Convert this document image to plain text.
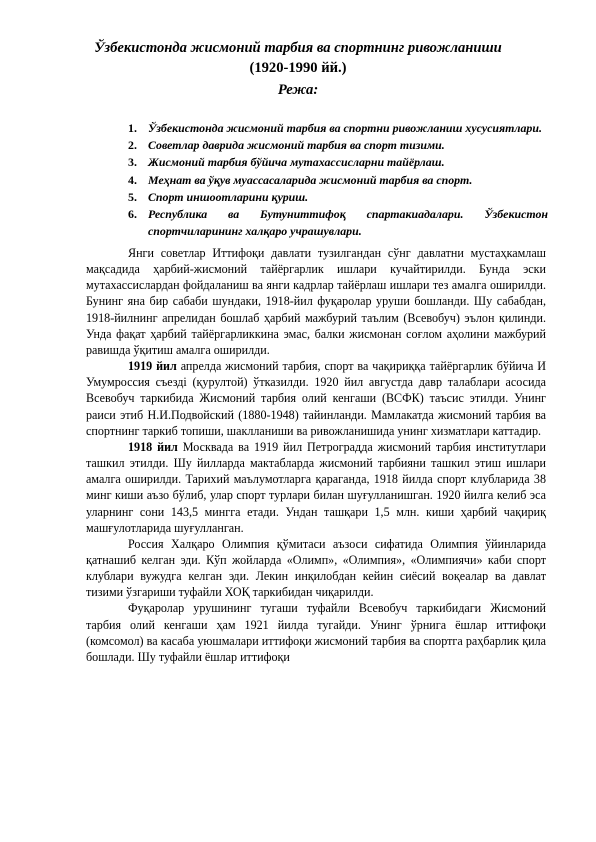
Ўзбекистонда жисмоний тарбия ва спортнинг ривожланиши
(1920-1990 йй.)
Режа:
1. Ўзбекистонда жисмоний тарбия ва спортни ривожланиш хусусиятлари.
2. Советлар даврида жисмоний тарбия ва спорт тизими.
3. Жисмоний тарбия бўйича мутахассисларни тайёрлаш.
4. Меҳнат ва ўқув муассасаларида жисмоний тарбия ва спорт.
5. Спорт иншоотларини қуриш.
6. Республика ва Бутуниттифоқ спартакиадалари. Ўзбекистон спортчиларининг халқаро учрашувлари.

Янги советлар Иттифоқи давлати тузилгандан сўнг давлатни мустаҳкамлаш мақсадида ҳарбий-жисмоний тайёргарлик ишлари кучайтирилди. Бунда эски мутахассислардан фойдаланиш ва янги кадрлар тайёрлаш ишлари тез амалга оширилди. Бунинг яна бир сабаби шундаки, 1918-йил фуқаролар уруши бошланди. Шу сабабдан, 1918-йилнинг апрелидан бошлаб ҳарбий мажбурий таълим (Всевобуч) эълон қилинди. Унда фақат ҳарбий тайёргарликкина эмас, балки жисмонан соғлом аҳолини мажбурий равишда ўқитиш амалга оширилди.

1919 йил апрелда жисмоний тарбия, спорт ва чақириққа тайёргарлик бўйича И Умумроссия съездi (қурултой) ўтказилди. 1920 йил августда давр талаблари асосида Всевобуч таркибида Жисмоний тарбия олий кенгаши (ВСФК) таъсис этилди. Унинг раиси этиб Н.И.Подвойский (1880-1948) тайинланди. Мамлакатда жисмоний тарбия ва спортнинг таркиб топиши, шаклланиши ва ривожланишида унинг хизматлари каттадир.

1918 йил Москвада ва 1919 йил Петроградда жисмоний тарбия институтлари ташкил этилди. Шу йилларда мактабларда жисмоний тарбияни ташкил этиш ишлари амалга оширилди. Тарихий маълумотларга қараганда, 1918 йилда спорт клубларида 38 минг киши аъзо бўлиб, улар спорт турлари билан шуғулланишган. 1920 йилга келиб эса уларнинг сони 143,5 мингга етади. Ундан ташқари 1,5 млн. киши ҳарбий чақириқ машғулотларида шуғулланган.

Россия Халқаро Олимпия қўмитаси аъзоси сифатида Олимпия ўйинларида қатнашиб келган эди. Кўп жойларда «Олимп», «Олимпия», «Олимпиячи» каби спорт клублари вужудга келган эди. Лекин инқилобдан кейин сиёсий воқеалар ва давлат тизими ўзгариши туфайли ХОҚ таркибидан чиқарилди.

Фуқаролар урушининг тугаши туфайли Всевобуч таркибидаги Жисмоний тарбия олий кенгаши ҳам 1921 йилда тугайди. Унинг ўрнига ёшлар иттифоқи (комсомол) ва касаба уюшмалари иттифоқи жисмоний тарбия ва спортга раҳбарлик қила бошлади. Шу туфайли ёшлар иттифоқи
